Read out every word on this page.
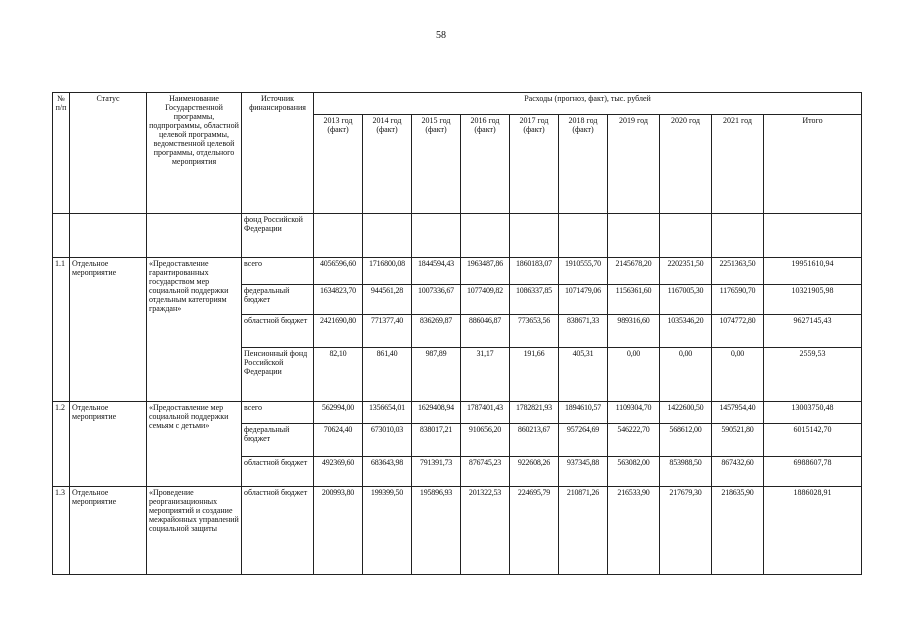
58
№ п/п	Статус	Наименование Государственной программы, подпрограммы, областной целевой программы, ведомственной целевой программы, отдельного мероприятия	Источник финансирования	Расходы (прогноз, факт), тыс. рублей									
				2013 год (факт)	2014 год (факт)	2015 год (факт)	2016 год (факт)	2017 год (факт)	2018 год (факт)	2019 год	2020 год	2021 год	Итого
			фонд Российской Федерации										
1.1	Отдельное мероприятие	«Предоставление гарантированных государством мер социальной поддержки отдельным категориям граждан»	всего	4056596,60	1716800,08	1844594,43	1963487,86	1860183,07	1910555,70	2145678,20	2202351,50	2251363,50	19951610,94
			федеральный бюджет	1634823,70	944561,28	1007336,67	1077409,82	1086337,85	1071479,06	1156361,60	1167005,30	1176590,70	10321905,98
			областной бюджет	2421690,80	771377,40	836269,87	886046,87	773653,56	838671,33	989316,60	1035346,20	1074772,80	9627145,43
			Пенсионный фонд Российской Федерации	82,10	861,40	987,89	31,17	191,66	405,31	0,00	0,00	0,00	2559,53
1.2	Отдельное мероприятие	«Предоставление мер социальной поддержки семьям с детьми»	всего	562994,00	1356654,01	1629408,94	1787401,43	1782821,93	1894610,57	1109304,70	1422600,50	1457954,40	13003750,48
			федеральный бюджет	70624,40	673010,03	838017,21	910656,20	860213,67	957264,69	546222,70	568612,00	590521,80	6015142,70
			областной бюджет	492369,60	683643,98	791391,73	876745,23	922608,26	937345,88	563082,00	853988,50	867432,60	6988607,78
1.3	Отдельное мероприятие	«Проведение реорганизационных мероприятий и создание межрайонных управлений социальной защиты	областной бюджет	200993,80	199399,50	195896,93	201322,53	224695,79	210871,26	216533,90	217679,30	218635,90	1886028,91
